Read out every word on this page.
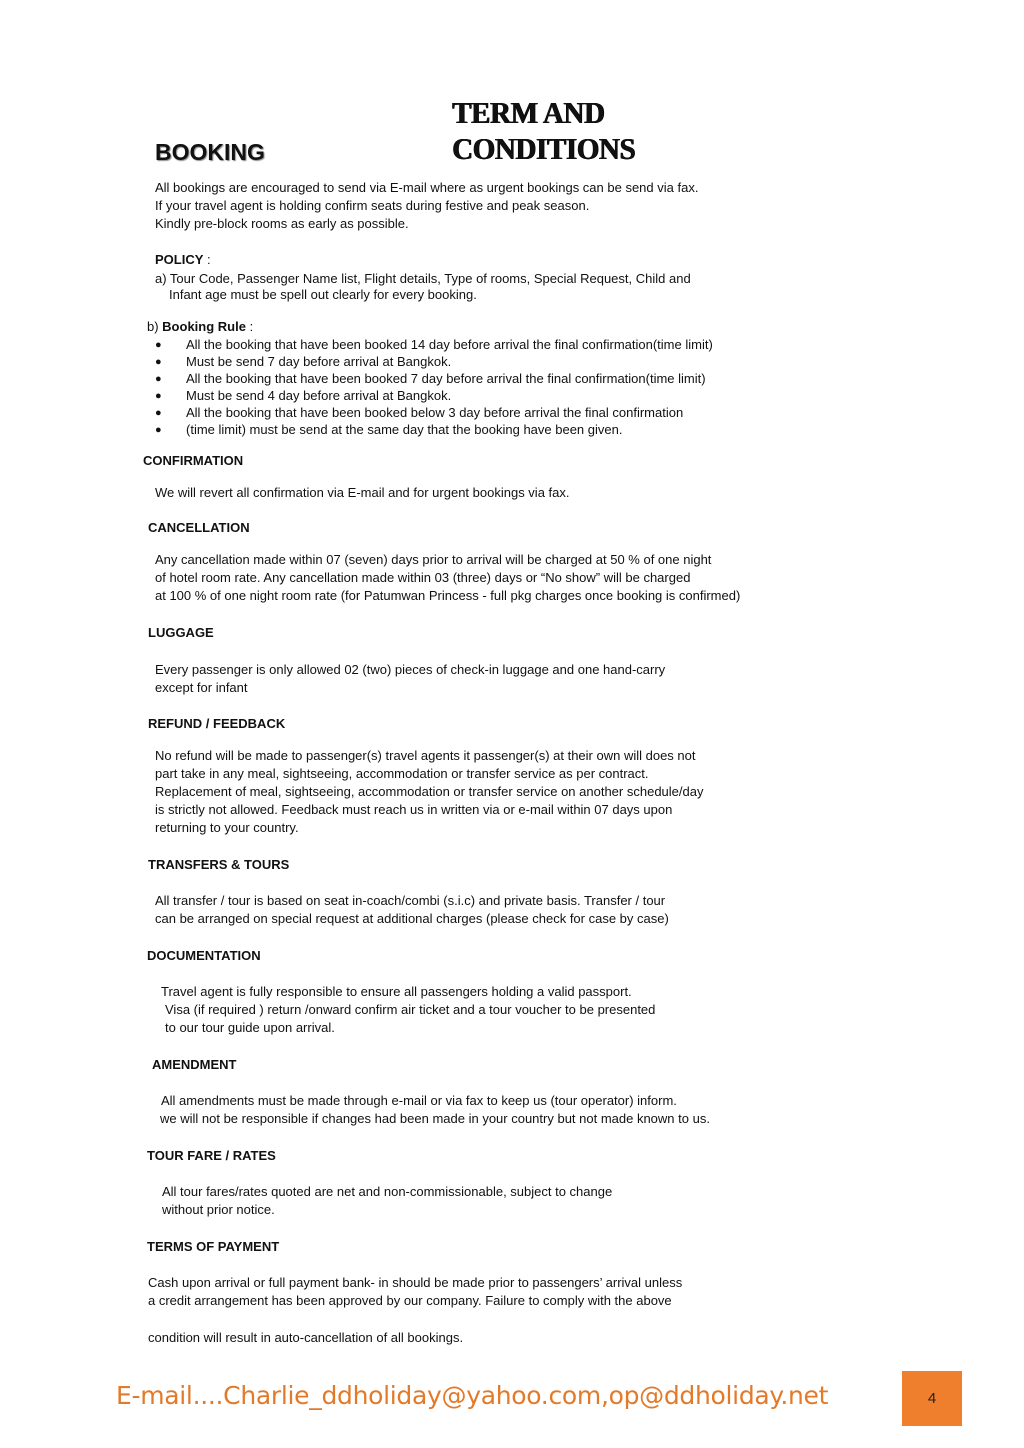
TERM AND CONDITIONS
BOOKING

All bookings are encouraged to send via E-mail where as urgent bookings can be send via fax.

If your travel agent is holding confirm seats during festive and peak season.

Kindly pre-block rooms as early as possible.

POLICY :

a) Tour Code, Passenger Name list, Flight details, Type of rooms, Special Request, Child and

Infant age must be spell out clearly for every booking.

b) Booking Rule :

● All the booking that have been booked 14 day before arrival the final confirmation(time limit)

● Must be send 7 day before arrival at Bangkok.

● All the booking that have been booked 7 day before arrival the final confirmation(time limit)

● Must be send 4 day before arrival at Bangkok.

● All the booking that have been booked below 3 day before arrival the final confirmation

● (time limit) must be send at the same day that the booking have been given.

CONFIRMATION

We will revert all confirmation via E-mail and for urgent bookings via fax.

CANCELLATION

Any cancellation made within 07 (seven) days prior to arrival will be charged at 50 % of one night

of hotel room rate. Any cancellation made within 03 (three) days or “No show” will be charged

at 100 % of one night room rate (for Patumwan Princess - full pkg charges once booking is confirmed)

LUGGAGE

Every passenger is only allowed 02 (two) pieces of check-in luggage and one hand-carry

except for infant

REFUND / FEEDBACK

No refund will be made to passenger(s) travel agents it passenger(s) at their own will does not

part take in any meal, sightseeing, accommodation or transfer service as per contract.

Replacement of meal, sightseeing, accommodation or transfer service on another schedule/day

is strictly not allowed. Feedback must reach us in written via or e-mail within 07 days upon

returning to your country.

TRANSFERS & TOURS

All transfer / tour is based on seat in-coach/combi (s.i.c) and private basis. Transfer / tour

can be arranged on special request at additional charges (please check for case by case)

DOCUMENTATION

Travel agent is fully responsible to ensure all passengers holding a valid passport.

Visa (if required ) return /onward confirm air ticket and a tour voucher to be presented

to our tour guide upon arrival.

AMENDMENT

All amendments must be made through e-mail or via fax to keep us (tour operator) inform.

we will not be responsible if changes had been made in your country but not made known to us.

TOUR FARE / RATES

All tour fares/rates quoted are net and non-commissionable, subject to change

without prior notice.

TERMS OF PAYMENT

Cash upon arrival or full payment bank- in should be made prior to passengers’ arrival unless

a credit arrangement has been approved by our company. Failure to comply with the above

condition will result in auto-cancellation of all bookings.

E-mail....Charlie_ddholiday@yahoo.com,op@ddholiday.net	4
